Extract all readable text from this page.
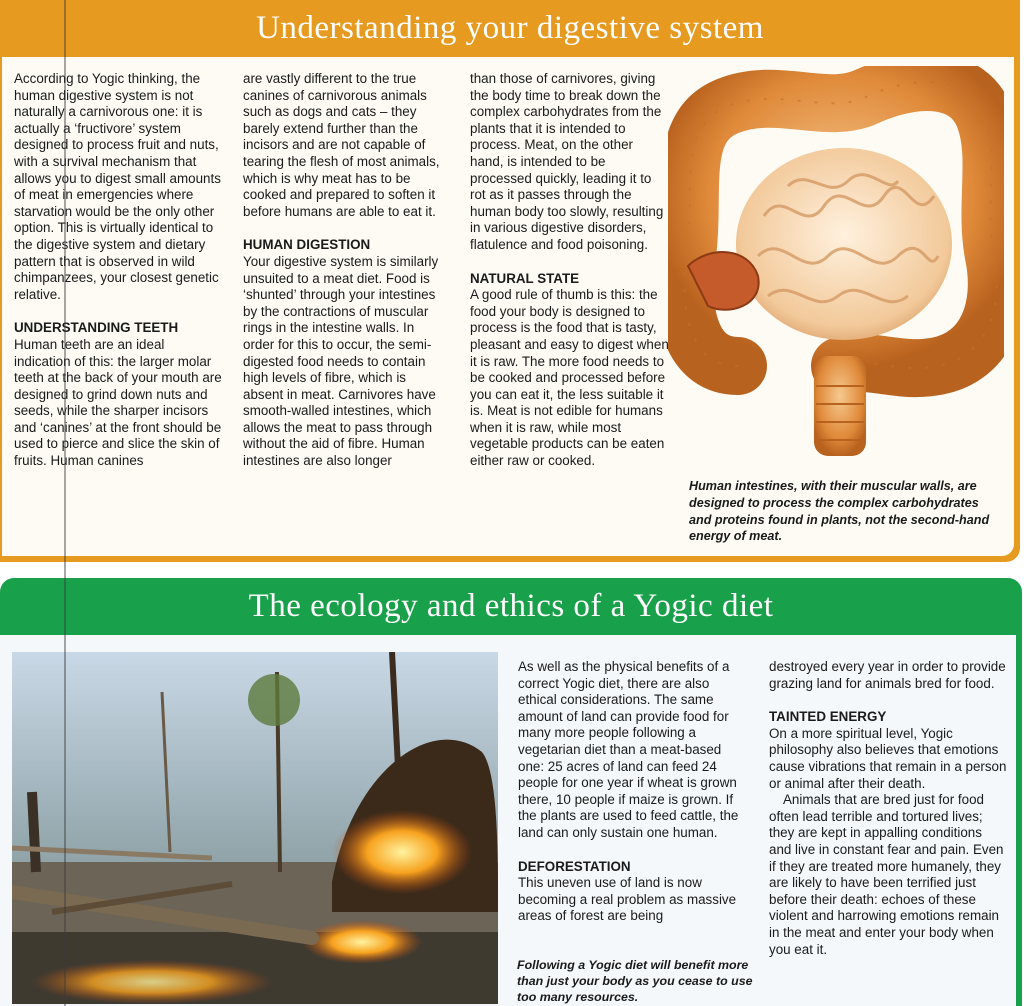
Understanding your digestive system

According to Yogic thinking, the human digestive system is not naturally a carnivorous one: it is actually a ‘fructivore’ system designed to process fruit and nuts, with a survival mechanism that allows you to digest small amounts of meat in emergencies where starvation would be the only other option. This is virtually identical to the digestive system and dietary pattern that is observed in wild chimpanzees, your closest genetic relative.

UNDERSTANDING TEETH

Human teeth are an ideal indication of this: the larger molar teeth at the back of your mouth are designed to grind down nuts and seeds, while the sharper incisors and ‘canines’ at the front should be used to pierce and slice the skin of fruits. Human canines

are vastly different to the true canines of carnivorous animals such as dogs and cats – they barely extend further than the incisors and are not capable of tearing the flesh of most animals, which is why meat has to be cooked and prepared to soften it before humans are able to eat it.

HUMAN DIGESTION

Your digestive system is similarly unsuited to a meat diet. Food is ‘shunted’ through your intestines by the contractions of muscular rings in the intestine walls. In order for this to occur, the semi-digested food needs to contain high levels of fibre, which is absent in meat. Carnivores have smooth-walled intestines, which allows the meat to pass through without the aid of fibre. Human intestines are also longer

than those of carnivores, giving the body time to break down the complex carbohydrates from the plants that it is intended to process. Meat, on the other hand, is intended to be processed quickly, leading it to rot as it passes through the human body too slowly, resulting in various digestive disorders, flatulence and food poisoning.

NATURAL STATE

A good rule of thumb is this: the food your body is designed to process is the food that is tasty, pleasant and easy to digest when it is raw. The more food needs to be cooked and processed before you can eat it, the less suitable it is. Meat is not edible for humans when it is raw, while most vegetable products can be eaten either raw or cooked.

Human intestines, with their muscular walls, are designed to process the complex carbohydrates and proteins found in plants, not the second-hand energy of meat.
The ecology and ethics of a Yogic diet

As well as the physical benefits of a correct Yogic diet, there are also ethical considerations. The same amount of land can provide food for many more people following a vegetarian diet than a meat-based one: 25 acres of land can feed 24 people for one year if wheat is grown there, 10 people if maize is grown. If the plants are used to feed cattle, the land can only sustain one human.

DEFORESTATION

This uneven use of land is now becoming a real problem as massive areas of forest are being

Following a Yogic diet will benefit more than just your body as you cease to use too many resources.

destroyed every year in order to provide grazing land for animals bred for food.

TAINTED ENERGY

On a more spiritual level, Yogic philosophy also believes that emotions cause vibrations that remain in a person or animal after their death.

Animals that are bred just for food often lead terrible and tortured lives; they are kept in appalling conditions and live in constant fear and pain. Even if they are treated more humanely, they are likely to have been terrified just before their death: echoes of these violent and harrowing emotions remain in the meat and enter your body when you eat it.
